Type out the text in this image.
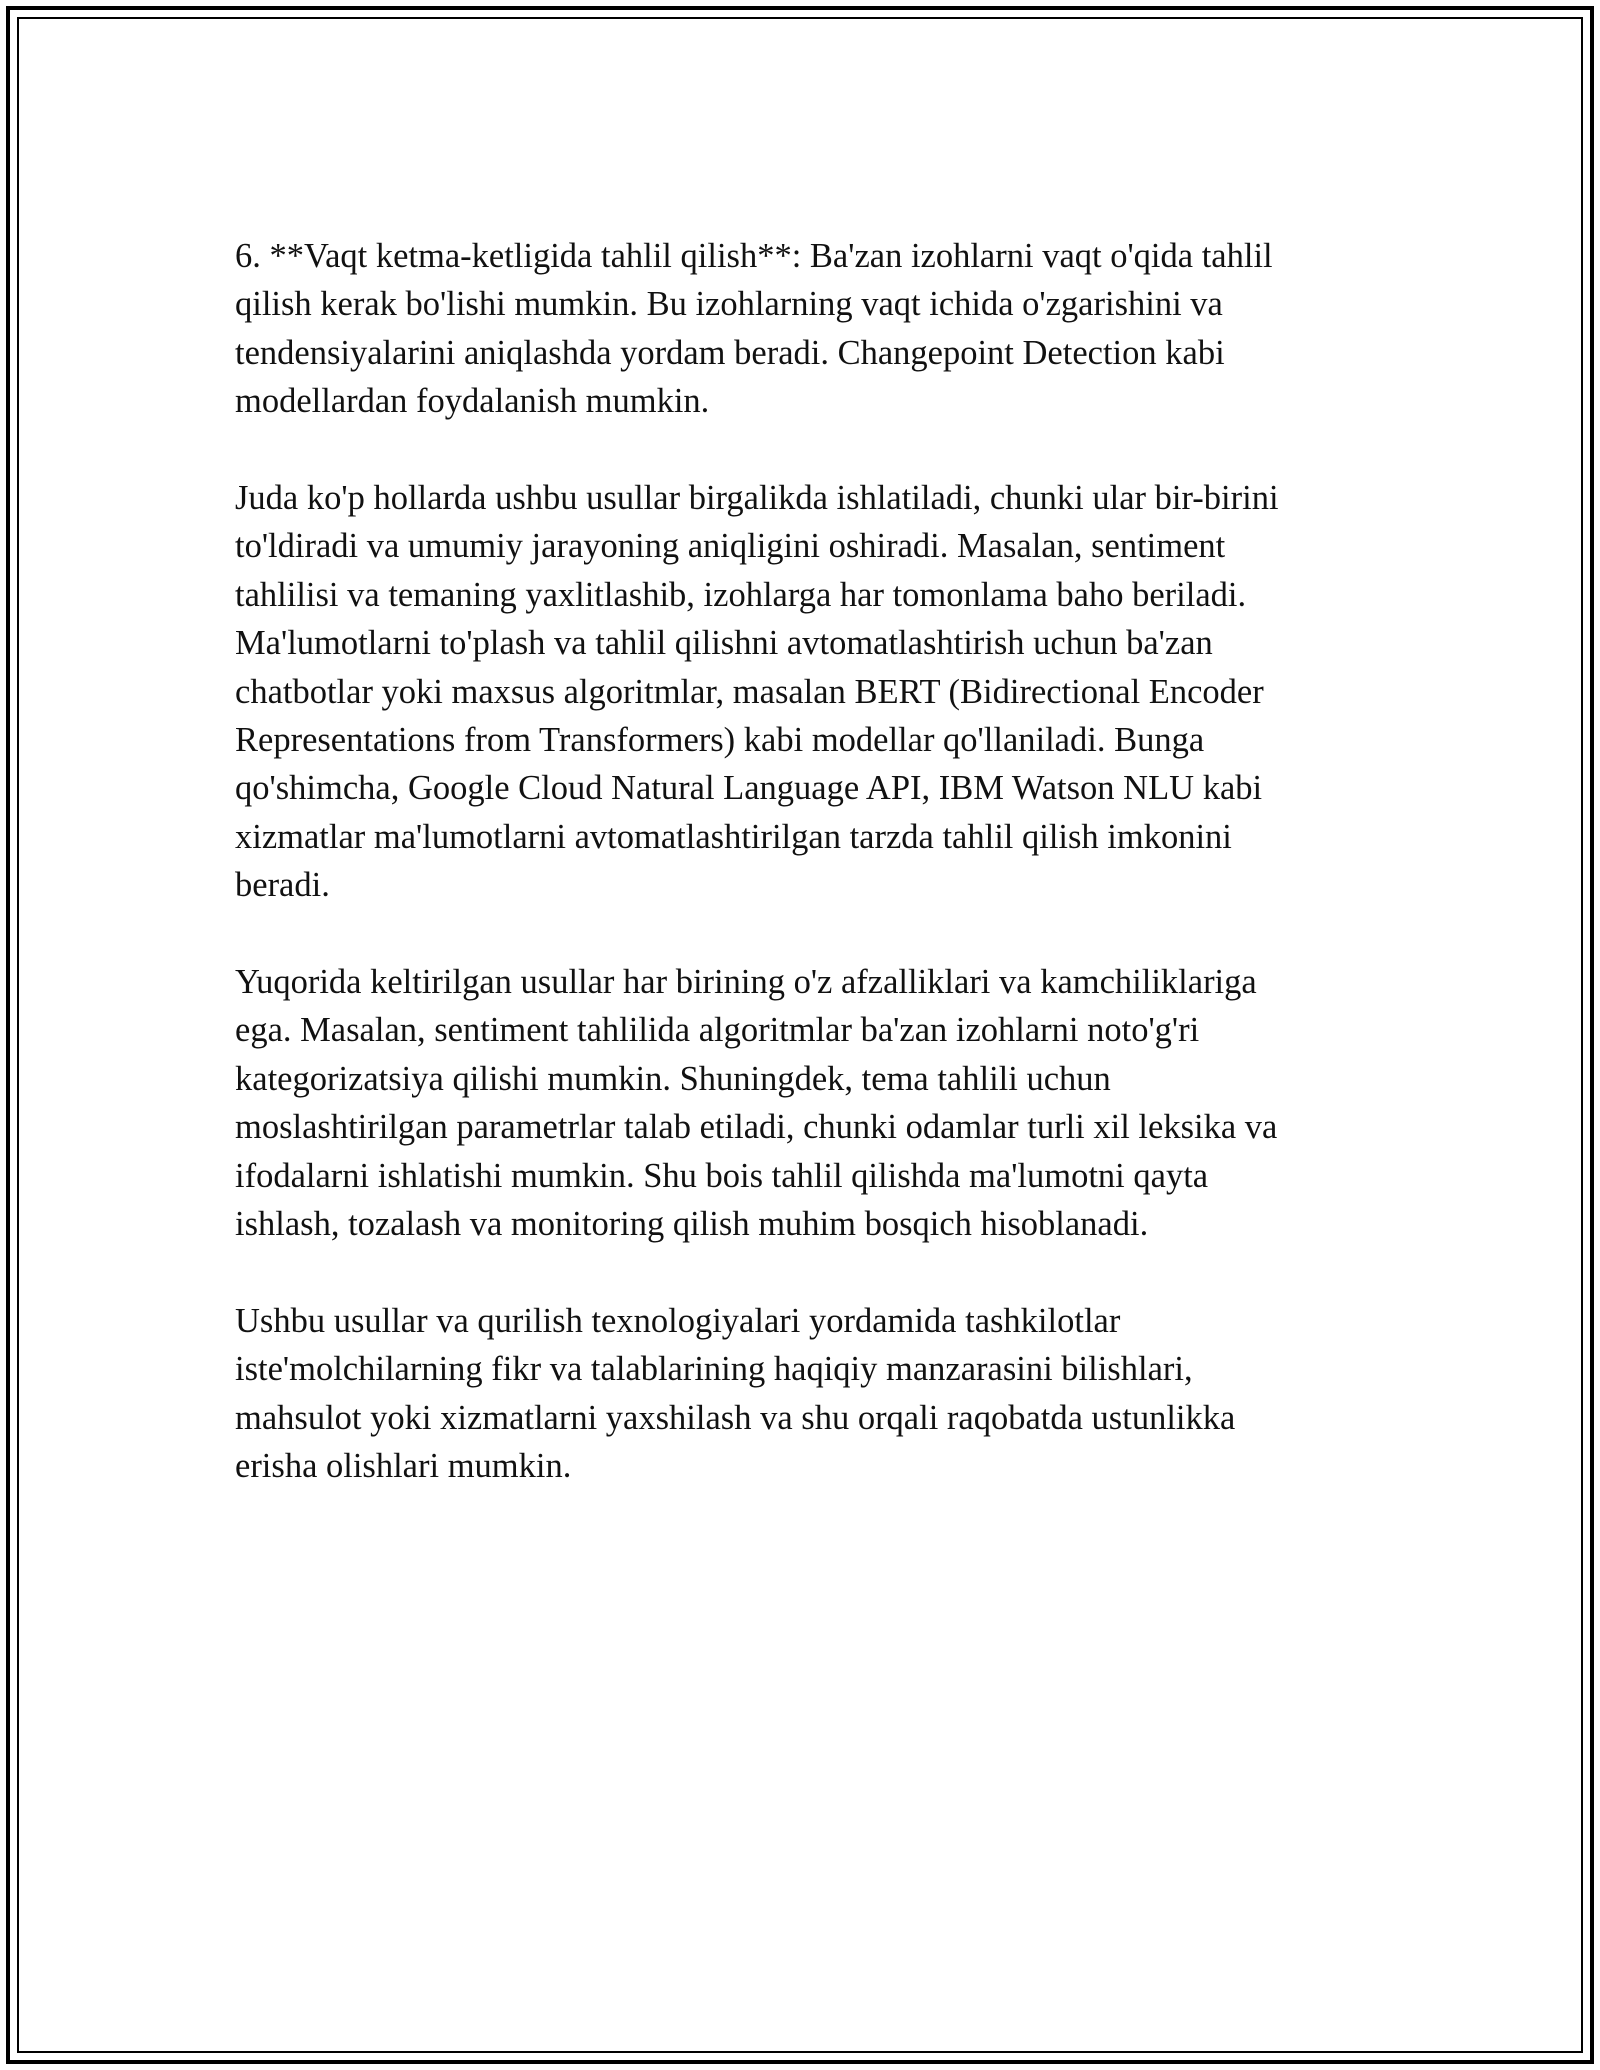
6. **Vaqt ketma-ketligida tahlil qilish**: Ba'zan izohlarni vaqt o'qida tahlil
qilish kerak bo'lishi mumkin. Bu izohlarning vaqt ichida o'zgarishini va
tendensiyalarini aniqlashda yordam beradi. Changepoint Detection kabi
modellardan foydalanish mumkin.

Juda ko'p hollarda ushbu usullar birgalikda ishlatiladi, chunki ular bir-birini
to'ldiradi va umumiy jarayoning aniqligini oshiradi. Masalan, sentiment
tahlilisi va temaning yaxlitlashib, izohlarga har tomonlama baho beriladi.
Ma'lumotlarni to'plash va tahlil qilishni avtomatlashtirish uchun ba'zan
chatbotlar yoki maxsus algoritmlar, masalan BERT (Bidirectional Encoder
Representations from Transformers) kabi modellar qo'llaniladi. Bunga
qo'shimcha, Google Cloud Natural Language API, IBM Watson NLU kabi
xizmatlar ma'lumotlarni avtomatlashtirilgan tarzda tahlil qilish imkonini
beradi.

Yuqorida keltirilgan usullar har birining o'z afzalliklari va kamchiliklariga
ega. Masalan, sentiment tahlilida algoritmlar ba'zan izohlarni noto'g'ri
kategorizatsiya qilishi mumkin. Shuningdek, tema tahlili uchun
moslashtirilgan parametrlar talab etiladi, chunki odamlar turli xil leksika va
ifodalarni ishlatishi mumkin. Shu bois tahlil qilishda ma'lumotni qayta
ishlash, tozalash va monitoring qilish muhim bosqich hisoblanadi.

Ushbu usullar va qurilish texnologiyalari yordamida tashkilotlar
iste'molchilarning fikr va talablarining haqiqiy manzarasini bilishlari,
mahsulot yoki xizmatlarni yaxshilash va shu orqali raqobatda ustunlikka
erisha olishlari mumkin.
